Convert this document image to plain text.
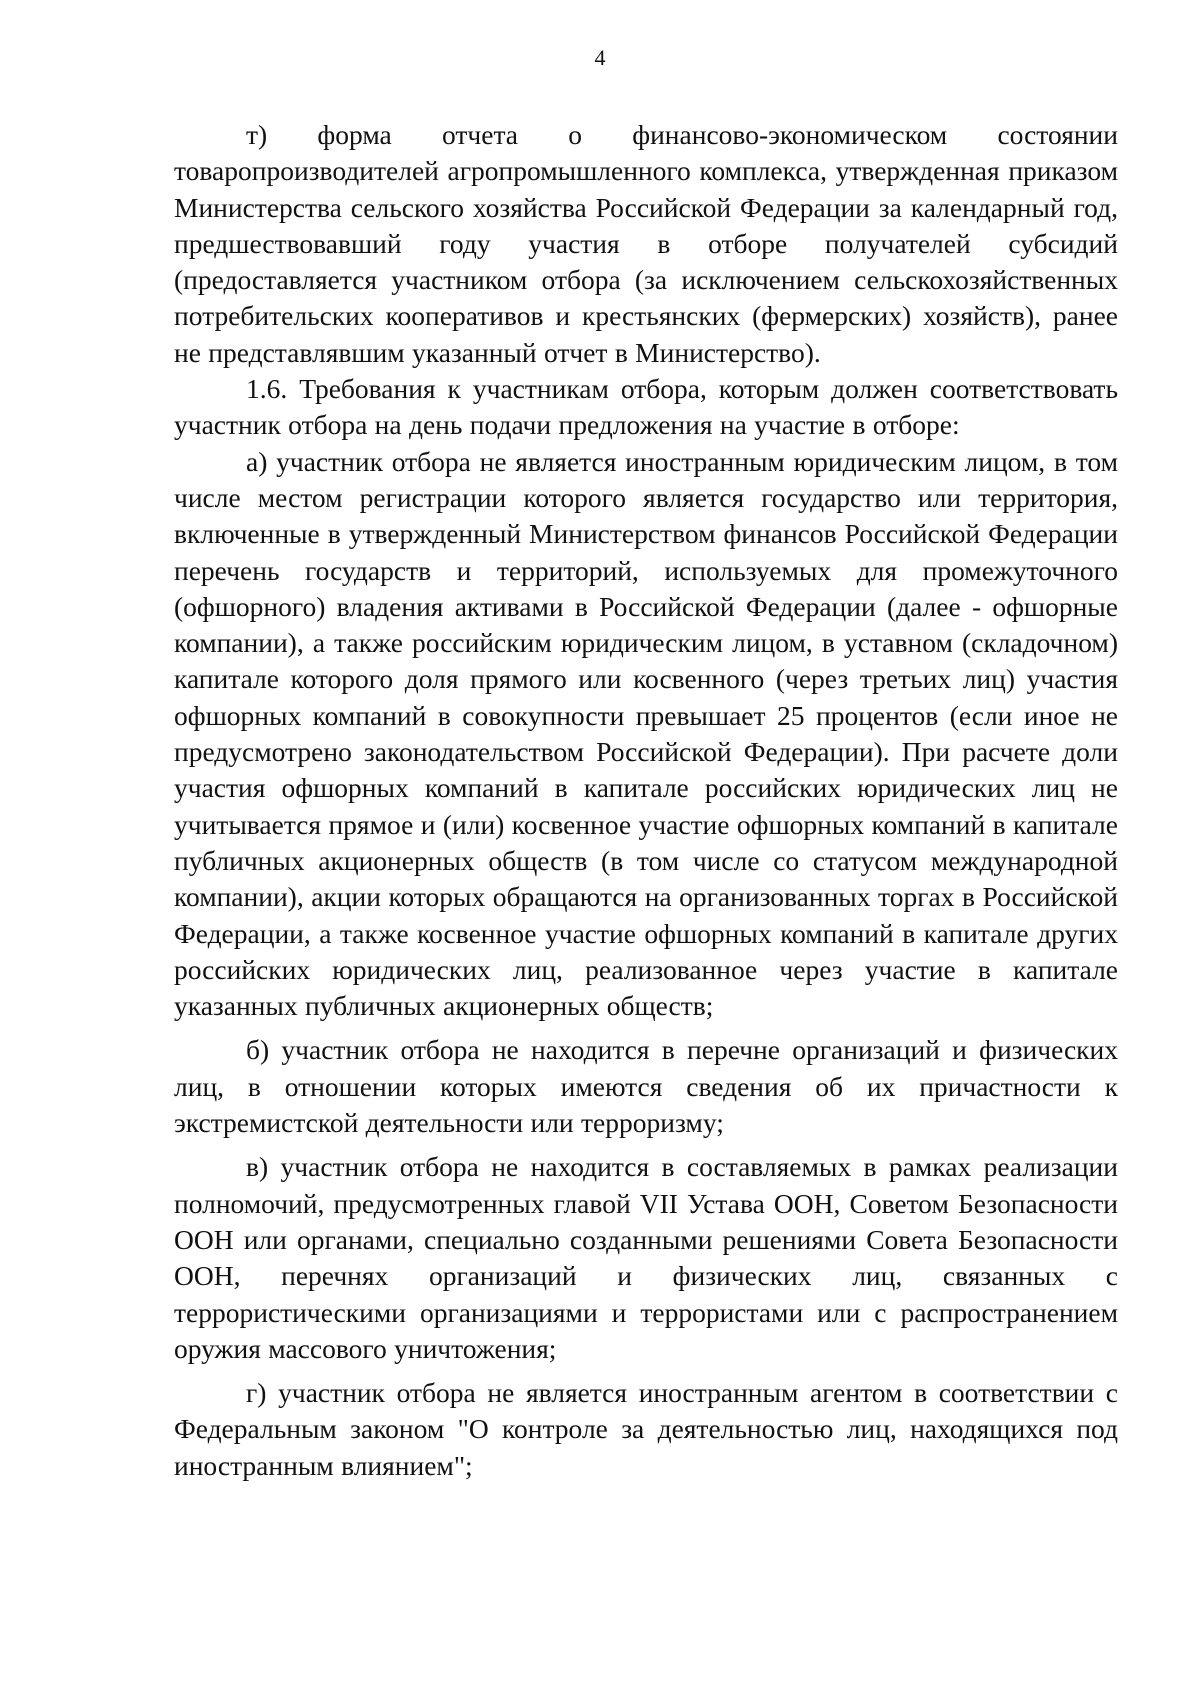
4

т) форма отчета о финансово-экономическом состоянии товаропроизводителей агропромышленного комплекса, утвержденная приказом Министерства сельского хозяйства Российской Федерации за календарный год, предшествовавший году участия в отборе получателей субсидий (предоставляется участником отбора (за исключением сельскохозяйственных потребительских кооперативов и крестьянских (фермерских) хозяйств), ранее не представлявшим указанный отчет в Министерство).

1.6. Требования к участникам отбора, которым должен соответствовать участник отбора на день подачи предложения на участие в отборе:

а) участник отбора не является иностранным юридическим лицом, в том числе местом регистрации которого является государство или территория, включенные в утвержденный Министерством финансов Российской Федерации перечень государств и территорий, используемых для промежуточного (офшорного) владения активами в Российской Федерации (далее - офшорные компании), а также российским юридическим лицом, в уставном (складочном) капитале которого доля прямого или косвенного (через третьих лиц) участия офшорных компаний в совокупности превышает 25 процентов (если иное не предусмотрено законодательством Российской Федерации). При расчете доли участия офшорных компаний в капитале российских юридических лиц не учитывается прямое и (или) косвенное участие офшорных компаний в капитале публичных акционерных обществ (в том числе со статусом международной компании), акции которых обращаются на организованных торгах в Российской Федерации, а также косвенное участие офшорных компаний в капитале других российских юридических лиц, реализованное через участие в капитале указанных публичных акционерных обществ;

б) участник отбора не находится в перечне организаций и физических лиц, в отношении которых имеются сведения об их причастности к экстремистской деятельности или терроризму;

в) участник отбора не находится в составляемых в рамках реализации полномочий, предусмотренных главой VII Устава ООН, Советом Безопасности ООН или органами, специально созданными решениями Совета Безопасности ООН, перечнях организаций и физических лиц, связанных с террористическими организациями и террористами или с распространением оружия массового уничтожения;

г) участник отбора не является иностранным агентом в соответствии с Федеральным законом "О контроле за деятельностью лиц, находящихся под иностранным влиянием";
